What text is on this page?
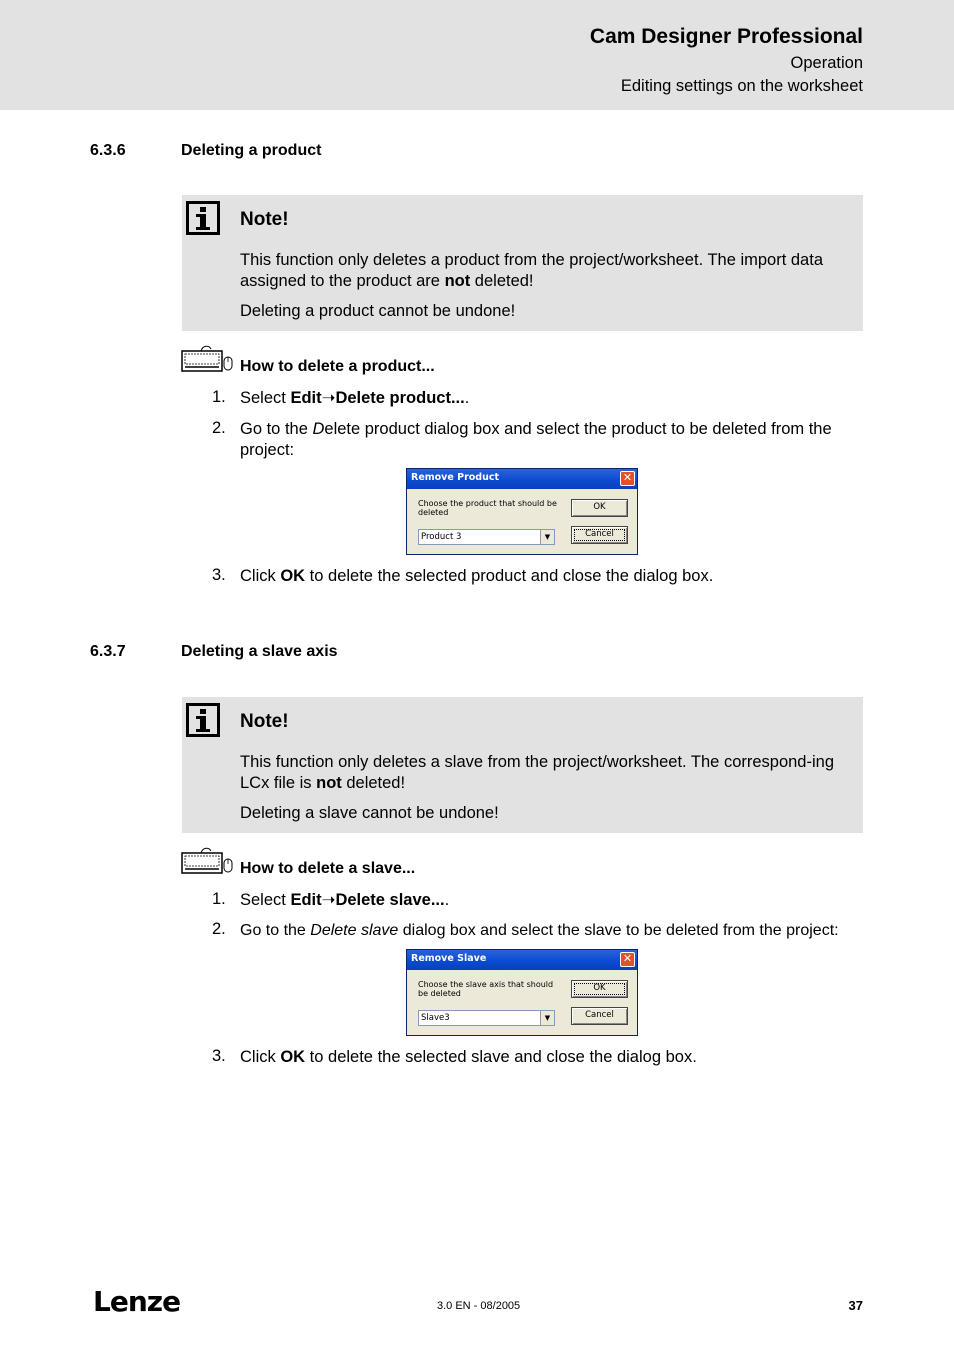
Cam Designer Professional
Operation
Editing settings on the worksheet
6.3.6	Deleting a product
Note!
This function only deletes a product from the project/worksheet. The import data assigned to the product are not deleted!
Deleting a product cannot be undone!
How to delete a product...
1. Select Edit➝Delete product....
2. Go to the Delete product dialog box and select the product to be deleted from the project:
Remove Product	✕
Choose the product that should be deleted
OK
Cancel
Product 3	▼
3. Click OK to delete the selected product and close the dialog box.
6.3.7	Deleting a slave axis
Note!
This function only deletes a slave from the project/worksheet. The correspond-ing LCx file is not deleted!
Deleting a slave cannot be undone!
How to delete a slave...
1. Select Edit➝Delete slave....
2. Go to the Delete slave dialog box and select the slave to be deleted from the project:
Remove Slave	✕
Choose the slave axis that should be deleted
OK
Cancel
Slave3	▼
3. Click OK to delete the selected slave and close the dialog box.
Lenze	3.0 EN - 08/2005	37
